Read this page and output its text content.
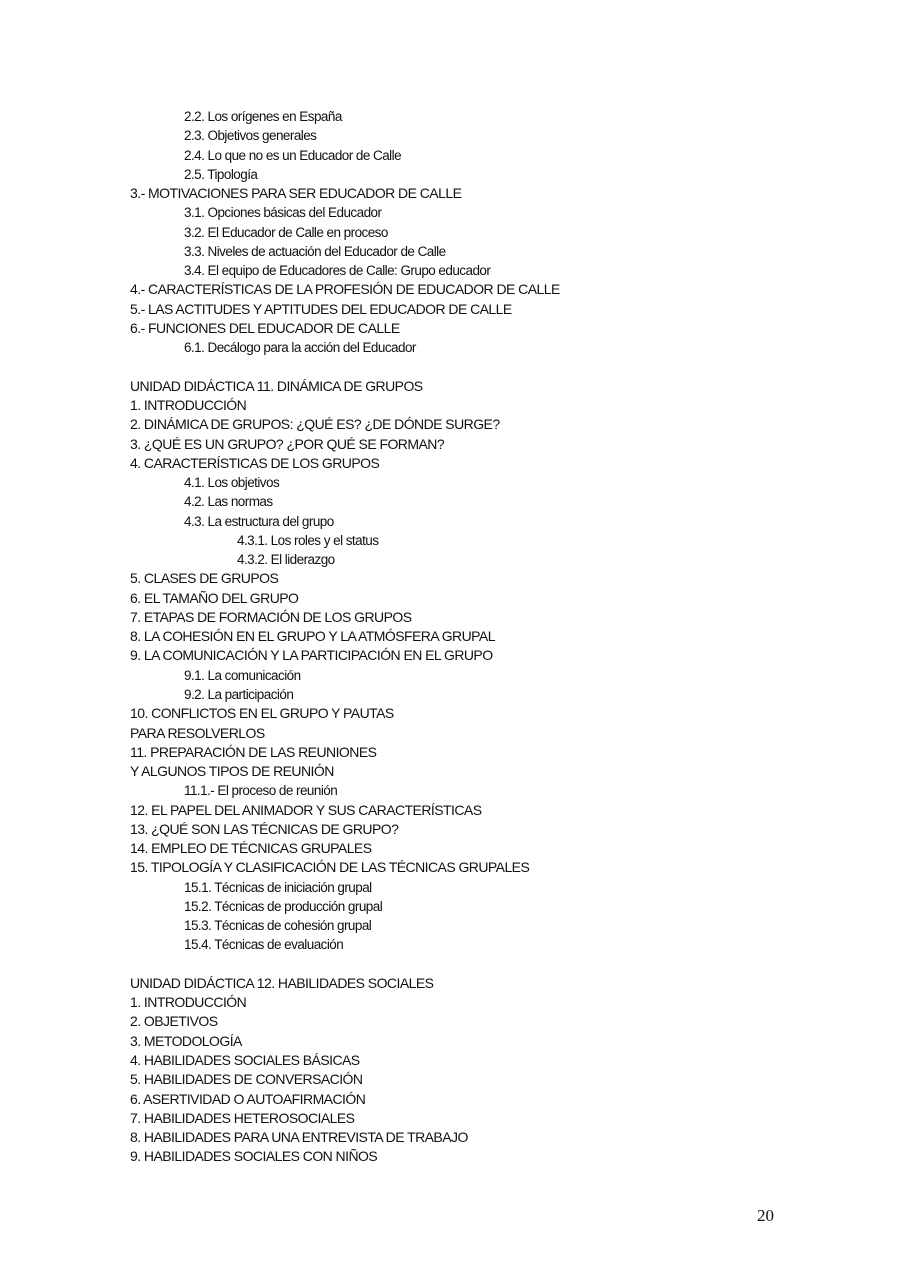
2.2. Los orígenes en España
2.3. Objetivos generales
2.4. Lo que no es un Educador de Calle
2.5. Tipología
3.- MOTIVACIONES PARA SER EDUCADOR DE CALLE
3.1. Opciones básicas del Educador
3.2. El Educador de Calle en proceso
3.3. Niveles de actuación del Educador de Calle
3.4. El equipo de Educadores de Calle: Grupo educador
4.- CARACTERÍSTICAS DE LA PROFESIÓN DE EDUCADOR DE CALLE
5.- LAS ACTITUDES Y APTITUDES DEL EDUCADOR DE CALLE
6.- FUNCIONES DEL EDUCADOR DE CALLE
6.1. Decálogo para la acción del Educador
UNIDAD DIDÁCTICA 11. DINÁMICA DE GRUPOS
1. INTRODUCCIÓN
2. DINÁMICA DE GRUPOS: ¿QUÉ ES? ¿DE DÓNDE SURGE?
3. ¿QUÉ ES UN GRUPO? ¿POR QUÉ SE FORMAN?
4. CARACTERÍSTICAS DE LOS GRUPOS
4.1. Los objetivos
4.2. Las normas
4.3. La estructura del grupo
4.3.1. Los roles y el status
4.3.2. El liderazgo
5. CLASES DE GRUPOS
6. EL TAMAÑO DEL GRUPO
7. ETAPAS DE FORMACIÓN DE LOS GRUPOS
8. LA COHESIÓN EN EL GRUPO Y LA ATMÓSFERA GRUPAL
9. LA COMUNICACIÓN Y LA PARTICIPACIÓN EN EL GRUPO
9.1. La comunicación
9.2. La participación
10. CONFLICTOS EN EL GRUPO Y PAUTAS
PARA RESOLVERLOS
11. PREPARACIÓN DE LAS REUNIONES
Y ALGUNOS TIPOS DE REUNIÓN
11.1.- El proceso de reunión
12. EL PAPEL DEL ANIMADOR Y SUS CARACTERÍSTICAS
13. ¿QUÉ SON LAS TÉCNICAS DE GRUPO?
14. EMPLEO DE TÉCNICAS GRUPALES
15. TIPOLOGÍA Y CLASIFICACIÓN DE LAS TÉCNICAS GRUPALES
15.1. Técnicas de iniciación grupal
15.2. Técnicas de producción grupal
15.3. Técnicas de cohesión grupal
15.4. Técnicas de evaluación
UNIDAD DIDÁCTICA 12. HABILIDADES SOCIALES
1. INTRODUCCIÓN
2. OBJETIVOS
3. METODOLOGÍA
4. HABILIDADES SOCIALES BÁSICAS
5. HABILIDADES DE CONVERSACIÓN
6. ASERTIVIDAD O AUTOAFIRMACIÓN
7. HABILIDADES HETEROSOCIALES
8. HABILIDADES PARA UNA ENTREVISTA DE TRABAJO
9. HABILIDADES SOCIALES CON NIÑOS
20
